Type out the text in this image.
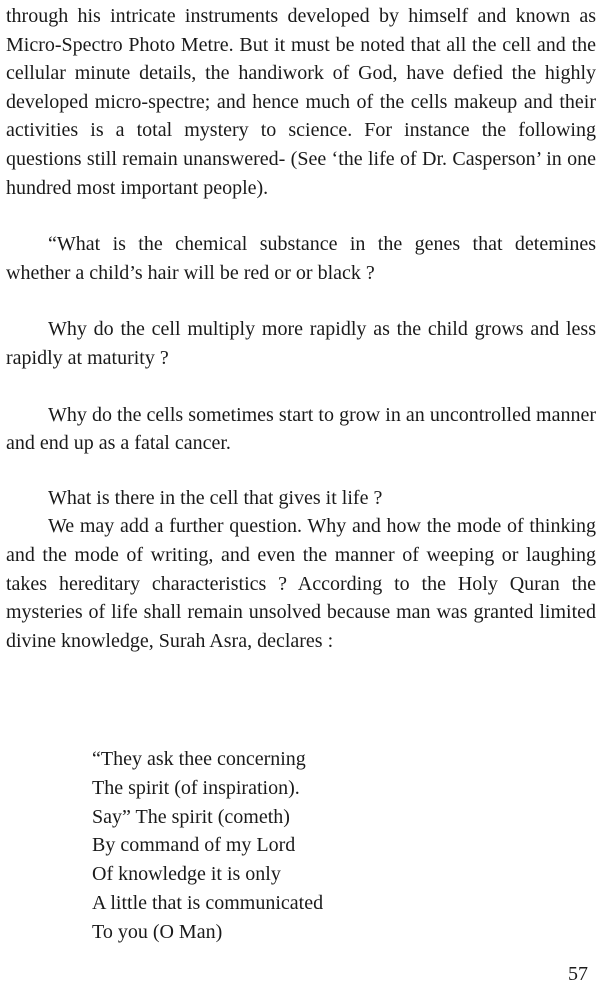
through his intricate instruments developed by himself and known as Micro-Spectro Photo Metre. But it must be noted that all the cell and the cellular minute details, the handiwork of God, have defied the highly developed micro-spectre; and hence much of the cells makeup and their activities is a total mystery to science. For instance the following questions still remain unanswered- (See ‘the life of Dr. Casperson’ in one hundred most important people).

“What is the chemical substance in the genes that detemines whether a child’s hair will be red or or black ?

Why do the cell multiply more rapidly as the child grows and less rapidly at maturity ?

Why do the cells sometimes start to grow in an uncontrolled manner and end up as a fatal cancer.

What is there in the cell that gives it life ?

We may add a further question. Why and how the mode of thinking and the mode of writing, and even the manner of weeping or laughing takes hereditary characteristics ? According to the Holy Quran the mysteries of life shall remain unsolved because man was granted limited divine knowledge, Surah Asra, declares :

“They ask thee concerning
The spirit (of inspiration).
Say” The spirit (cometh)
By command of my Lord
Of knowledge it is only
A little that is communicated
To you (O Man)
57
